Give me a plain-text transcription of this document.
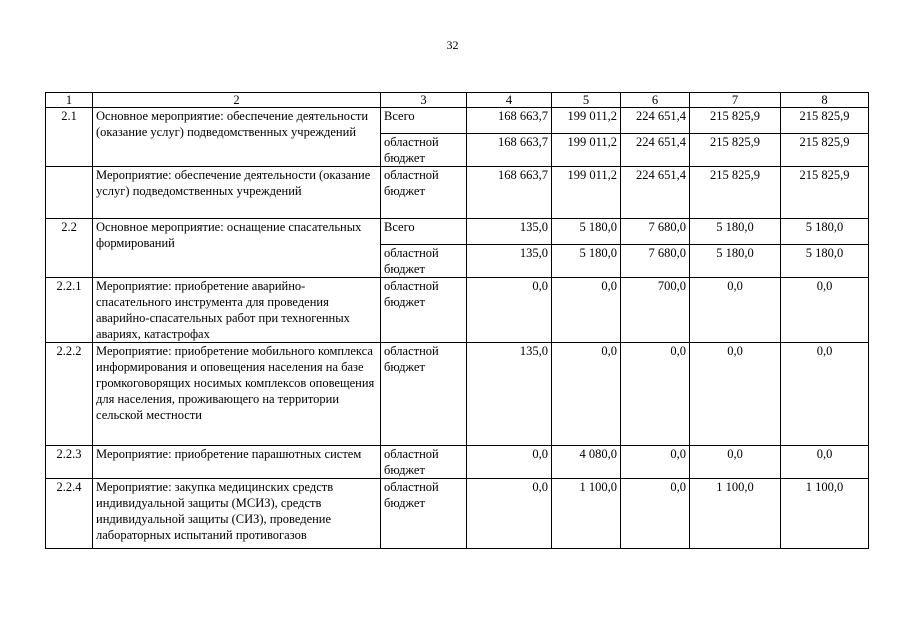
32
1	2	3	4	5	6	7	8
2.1	Основное мероприятие: обеспечение деятельности (оказание услуг) подведомственных учреждений	Всего	168 663,7	199 011,2	224 651,4	215 825,9	215 825,9
		областной бюджет	168 663,7	199 011,2	224 651,4	215 825,9	215 825,9
	Мероприятие: обеспечение деятельности (оказание услуг) подведомственных учреждений	областной бюджет	168 663,7	199 011,2	224 651,4	215 825,9	215 825,9
2.2	Основное мероприятие: оснащение спасательных формирований	Всего	135,0	5 180,0	7 680,0	5 180,0	5 180,0
		областной бюджет	135,0	5 180,0	7 680,0	5 180,0	5 180,0
2.2.1	Мероприятие: приобретение аварийно-спасательного инструмента для проведения аварийно-спасательных работ при техногенных авариях, катастрофах	областной бюджет	0,0	0,0	700,0	0,0	0,0
2.2.2	Мероприятие: приобретение мобильного комплекса информирования и оповещения населения на базе громкоговорящих носимых комплексов оповещения для населения, проживающего на территории сельской местности	областной бюджет	135,0	0,0	0,0	0,0	0,0
2.2.3	Мероприятие: приобретение парашютных систем	областной бюджет	0,0	4 080,0	0,0	0,0	0,0
2.2.4	Мероприятие: закупка медицинских средств индивидуальной защиты (МСИЗ), средств индивидуальной защиты (СИЗ), проведение лабораторных испытаний противогазов	областной бюджет	0,0	1 100,0	0,0	1 100,0	1 100,0
